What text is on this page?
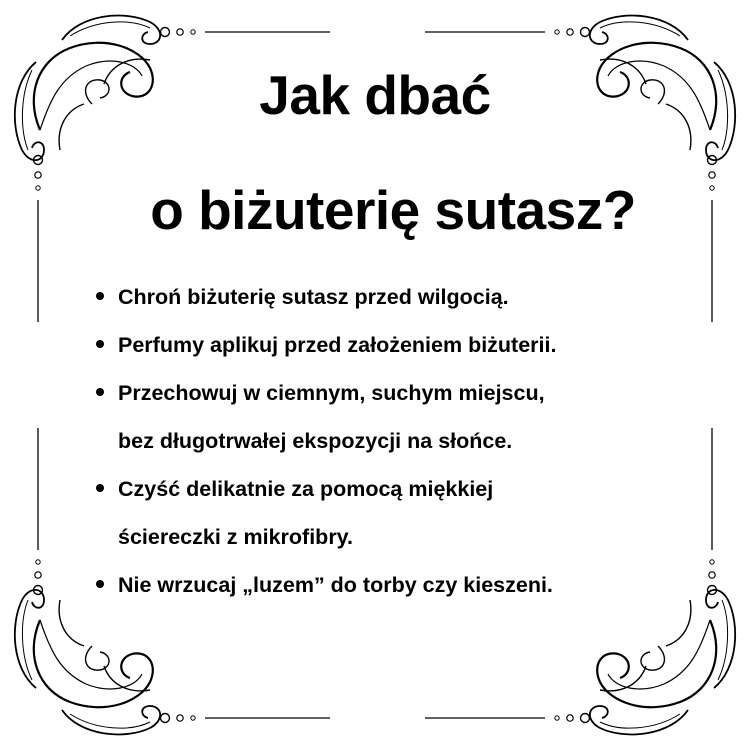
Jak dbać
o biżuterię sutasz?
Chroń biżuterię sutasz przed wilgocią.
Perfumy aplikuj przed założeniem biżuterii.
Przechowuj w ciemnym, suchym miejscu,
bez długotrwałej ekspozycji na słońce.
Czyść delikatnie za pomocą miękkiej
ściereczki z mikrofibry.
Nie wrzucaj „luzem” do torby czy kieszeni.
